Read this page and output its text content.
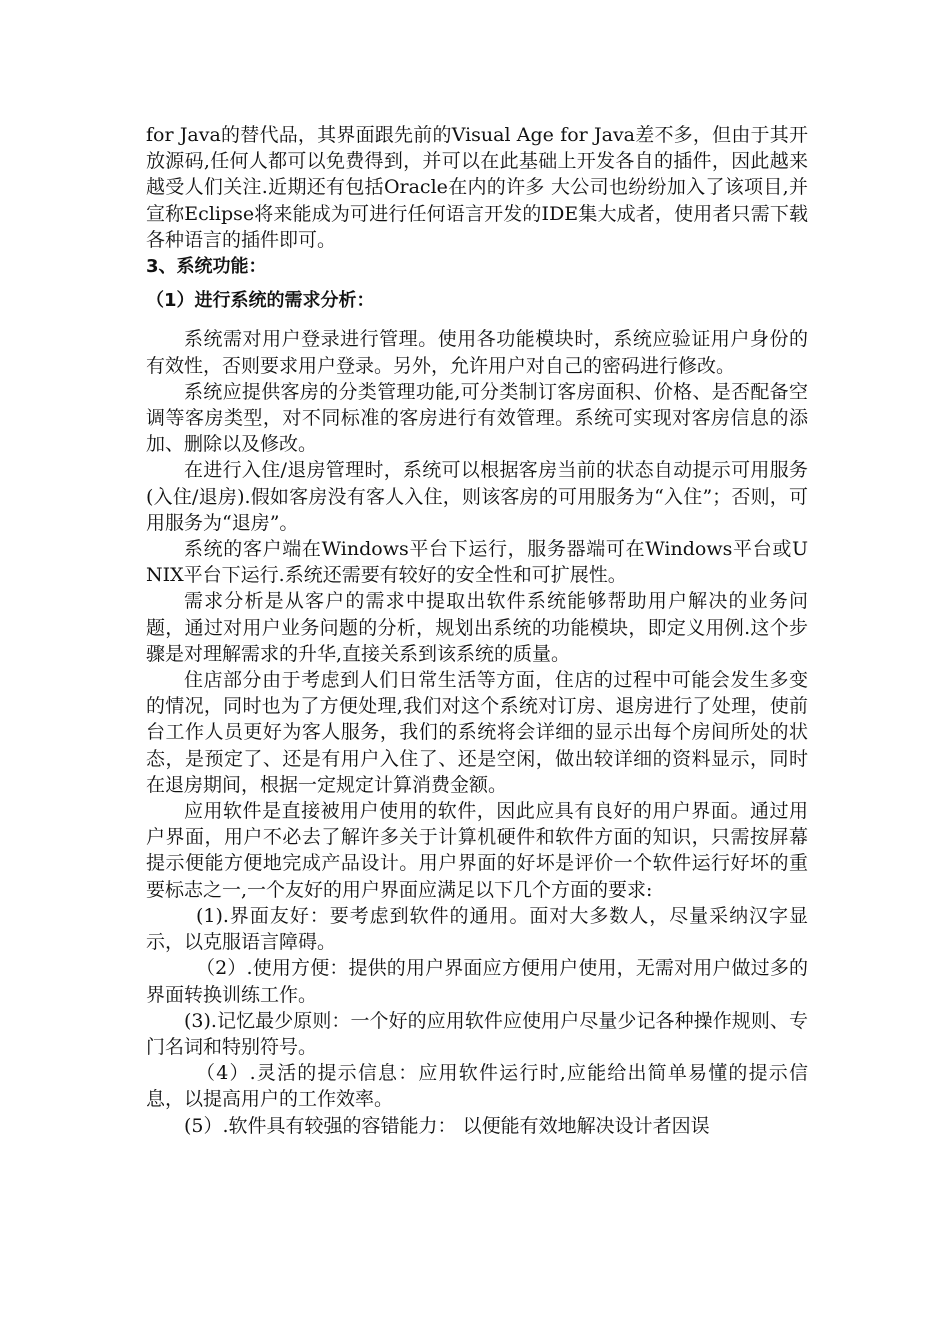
for Java的替代品，其界面跟先前的Visual Age for Java差不多，但由于其开放源码,任何人都可以免费得到，并可以在此基础上开发各自的插件，因此越来越受人们关注.近期还有包括Oracle在内的许多 大公司也纷纷加入了该项目,并宣称Eclipse将来能成为可进行任何语言开发的IDE集大成者，使用者只需下载各种语言的插件即可。

3、系统功能：

（1）进行系统的需求分析：

系统需对用户登录进行管理。使用各功能模块时，系统应验证用户身份的有效性，否则要求用户登录。另外，允许用户对自己的密码进行修改。

系统应提供客房的分类管理功能,可分类制订客房面积、价格、是否配备空调等客房类型，对不同标准的客房进行有效管理。系统可实现对客房信息的添加、删除以及修改。

在进行入住/退房管理时，系统可以根据客房当前的状态自动提示可用服务(入住/退房).假如客房没有客人入住，则该客房的可用服务为“入住”；否则，可用服务为“退房”。

系统的客户端在Windows平台下运行，服务器端可在Windows平台或UNIX平台下运行.系统还需要有较好的安全性和可扩展性。

需求分析是从客户的需求中提取出软件系统能够帮助用户解决的业务问题，通过对用户业务问题的分析，规划出系统的功能模块，即定义用例.这个步骤是对理解需求的升华,直接关系到该系统的质量。

住店部分由于考虑到人们日常生活等方面，住店的过程中可能会发生多变的情况，同时也为了方便处理,我们对这个系统对订房、退房进行了处理，使前台工作人员更好为客人服务，我们的系统将会详细的显示出每个房间所处的状态，是预定了、还是有用户入住了、还是空闲，做出较详细的资料显示，同时在退房期间，根据一定规定计算消费金额。

应用软件是直接被用户使用的软件，因此应具有良好的用户界面。通过用户界面，用户不必去了解许多关于计算机硬件和软件方面的知识，只需按屏幕提示便能方便地完成产品设计。用户界面的好坏是评价一个软件运行好坏的重要标志之一,一个友好的用户界面应满足以下几个方面的要求:

(1).界面友好：要考虑到软件的通用。面对大多数人，尽量采纳汉字显示，以克服语言障碍。

（2）.使用方便：提供的用户界面应方便用户使用，无需对用户做过多的界面转换训练工作。

(3).记忆最少原则：一个好的应用软件应使用户尽量少记各种操作规则、专门名词和特别符号。

（4）.灵活的提示信息：应用软件运行时,应能给出简单易懂的提示信息，以提高用户的工作效率。

(5）.软件具有较强的容错能力： 以便能有效地解决设计者因误
